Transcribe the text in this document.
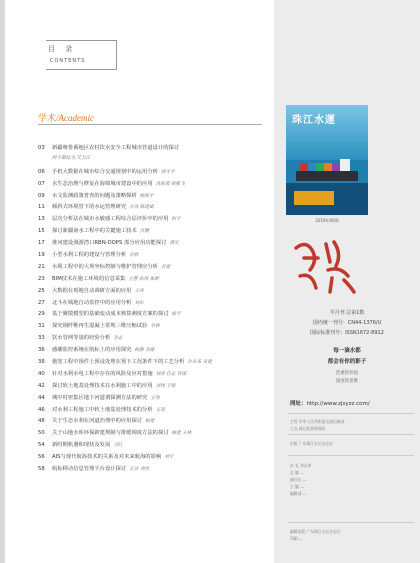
目 录
CONTENTS
学术/Academic
03	新疆喀鲁番地区农村饮水安全工程城市管道设计的探讨
阿不都拉力·艾力江
06	手机大数据在城市综合交通规划中的运用分析 周斗平
07	水生态治理与修复在海绵城市建设中的应用 冯海勇 韩敬飞
09	水文监测政策普查的问题及策略探析 杨和平
11	倾斜式环境管下的水运管理研究 方涛 陈建斌
13	层次分析法在城市水敏感工程综合层评价中的应用 何平
15	探讨新疆南水工程中的关键施工技术 肖鹏
17	淮河建设漫游湾口RBN-DOPS 部分应用功能探讨 黄光
19	小型水利工程的建设与管理分析 肖欣
21	水利工程中的大坝坐标控制与维护管理应分析 肖建
23	BIM技术在施工环境的信息采集 王慧 孙伟 朱新
25	大数据在现地自动调研方面的应用 王涛
27	北斗在城地自动监控中的应用分析 刘东
29	基于聚散模型的基础变动成本核算测度方案的探讨 杨宇
31	探究钢纤维再生混凝土常规三维压缩试验 李林
33	饮水管网等量的经验分析 李志
36	感潮监控系统在航标上的应用探究 杨静 李德
38	施塗工程中预件土预浸处理在预下工况条件下的工艺分析 许永乐 吴建
40	针对水利水电工程中存在的风险及应对措施 刘涛 任志 许国
42	探讨软土地基处理技术在水利施工中的应用 刘伟 于凯
44	城中村密集区地下河道谓探测方法的研究 王伟
46	对水利工程施工中软土地基处理技术的分析 王涛
48	关于生态水利在河道治理中的应用探讨 杨建
50	关于山地水库环保新建规制与排缓调度方法的探讨 杨建 王林
54	新时期机遇和现状及发展 马红
56	AIS与现代航海技术的关系及对未来航海的影响 刘宇
58	航标移动信息管理平台设计探讨 王洁 刘杰
珠江水運
2019年06期
半月刊 总第1数
国内统一刊号：CN44-1376/U
国际标准刊号：ISSN1672-8912
每一滴水都
都会有你的影子
贵重的价值
深度的思维
网址：http://www.zjsyzz.com/
主管 中华人民共和国交通运输部
主办 珠江航务管理局
出版 广东珠江水运杂志社
社 长 刘永华
总 编 ―
副社长 ―
主 编 ―
编辑部 ―
编辑出版 广东珠江水运杂志社
印刷 ―
